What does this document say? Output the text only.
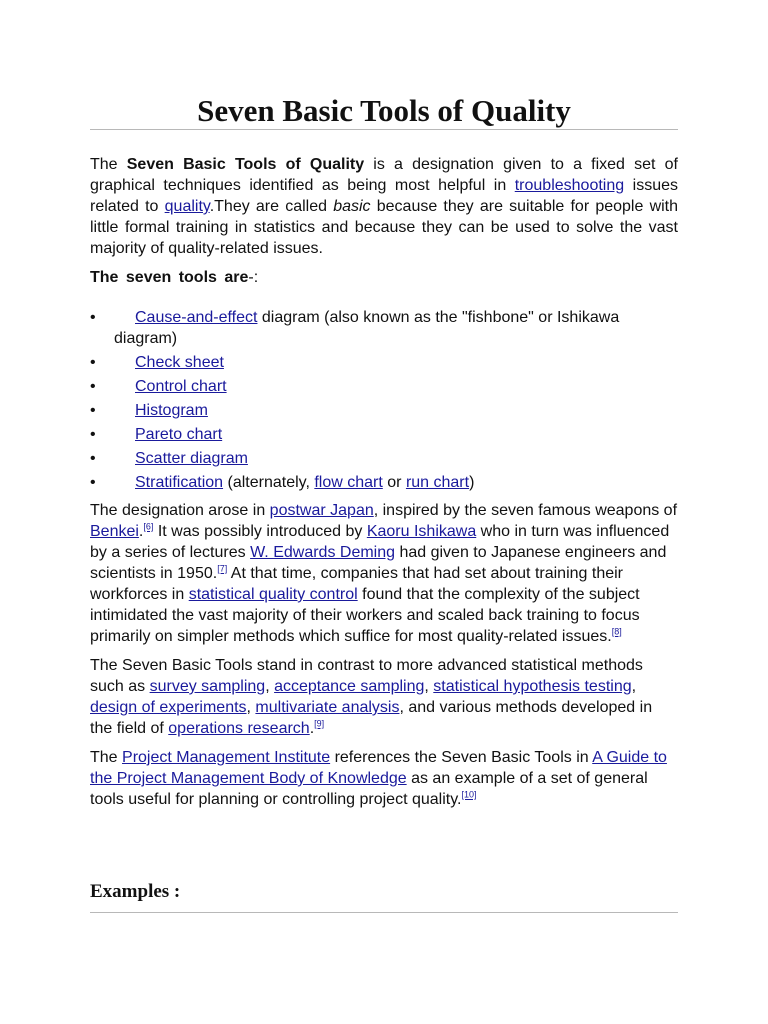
Seven Basic Tools of Quality

The Seven Basic Tools of Quality is a designation given to a fixed set of graphical techniques identified as being most helpful in troubleshooting issues related to quality.They are called basic because they are suitable for people with little formal training in statistics and because they can be used to solve the vast majority of quality-related issues.

The seven tools are-:

•	Cause-and-effect diagram (also known as the "fishbone" or Ishikawa
diagram)
•	Check sheet
•	Control chart
•	Histogram
•	Pareto chart
•	Scatter diagram
•	Stratification (alternately, flow chart or run chart)

The designation arose in postwar Japan, inspired by the seven famous weapons of Benkei.[6] It was possibly introduced by Kaoru Ishikawa who in turn was influenced by a series of lectures W. Edwards Deming had given to Japanese engineers and scientists in 1950.[7] At that time, companies that had set about training their workforces in statistical quality control found that the complexity of the subject intimidated the vast majority of their workers and scaled back training to focus primarily on simpler methods which suffice for most quality-related issues.[8]

The Seven Basic Tools stand in contrast to more advanced statistical methods such as survey sampling, acceptance sampling, statistical hypothesis testing, design of experiments, multivariate analysis, and various methods developed in the field of operations research.[9]

The Project Management Institute references the Seven Basic Tools in A Guide to the Project Management Body of Knowledge as an example of a set of general tools useful for planning or controlling project quality.[10]

Examples :
